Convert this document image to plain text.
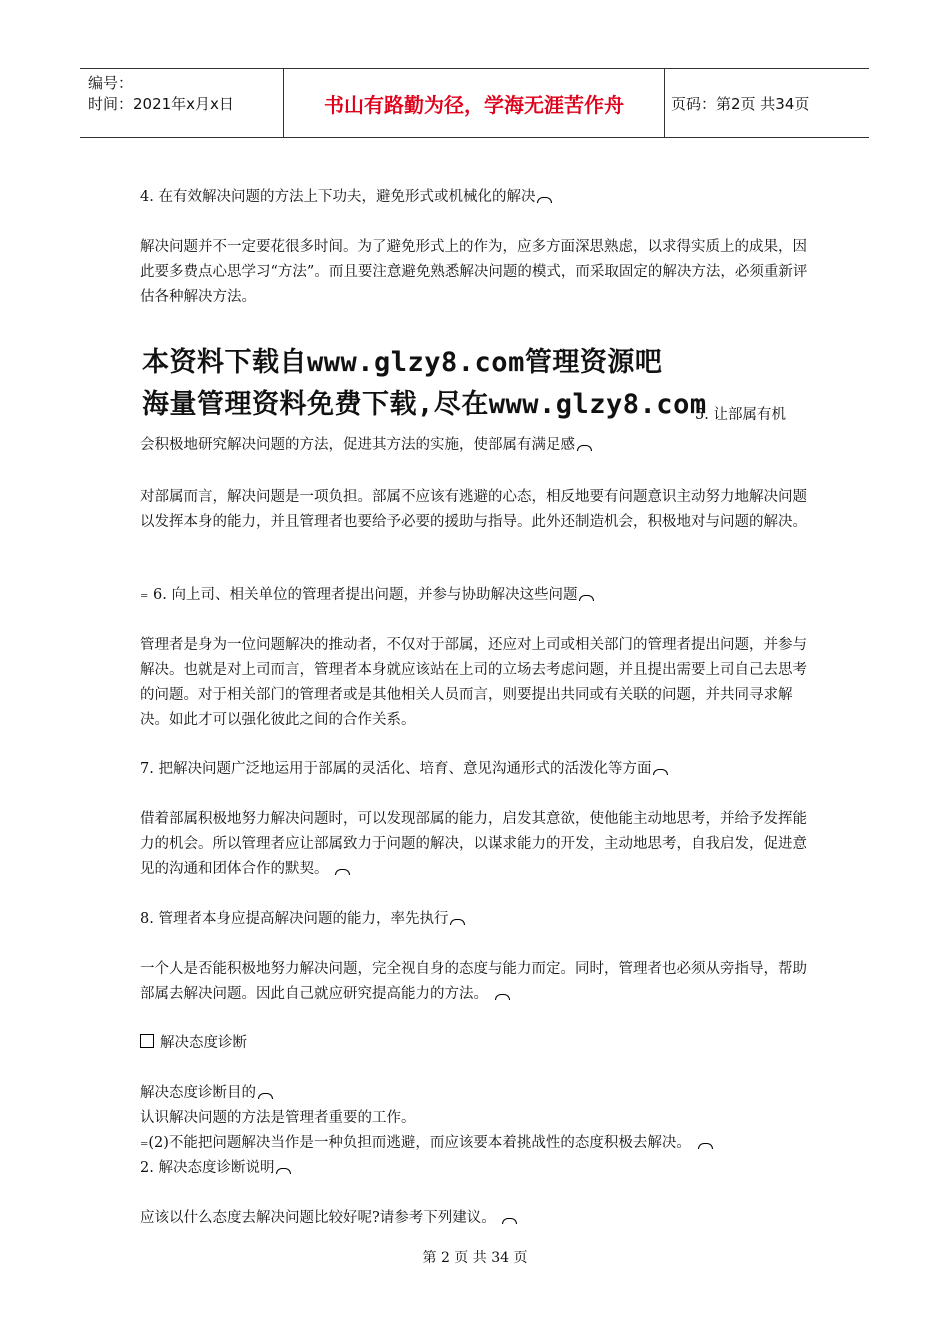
编号：
时间：2021年x月x日	书山有路勤为径，学海无涯苦作舟	页码：第2页 共34页

4. 在有效解决问题的方法上下功夫，避免形式或机械化的解决

解决问题并不一定要花很多时间。为了避免形式上的作为，应多方面深思熟虑，以求得实质上的成果，因此要多费点心思学习“方法”。而且要注意避免熟悉解决问题的模式，而采取固定的解决方法，必须重新评估各种解决方法。

本资料下载自www.glzy8.com管理资源吧
海量管理资料免费下载,尽在www.glzy8.com

5. 让部属有机

会积极地研究解决问题的方法，促进其方法的实施，使部属有满足感

对部属而言，解决问题是一项负担。部属不应该有逃避的心态，相反地要有问题意识主动努力地解决问题以发挥本身的能力，并且管理者也要给予必要的援助与指导。此外还制造机会，积极地对与问题的解决。

= 6. 向上司、相关单位的管理者提出问题，并参与协助解决这些问题

管理者是身为一位问题解决的推动者，不仅对于部属，还应对上司或相关部门的管理者提出问题，并参与解决。也就是对上司而言，管理者本身就应该站在上司的立场去考虑问题，并且提出需要上司自己去思考的问题。对于相关部门的管理者或是其他相关人员而言，则要提出共同或有关联的问题，并共同寻求解决。如此才可以强化彼此之间的合作关系。

7. 把解决问题广泛地运用于部属的灵活化、培育、意见沟通形式的活泼化等方面

借着部属积极地努力解决问题时，可以发现部属的能力，启发其意欲，使他能主动地思考，并给予发挥能力的机会。所以管理者应让部属致力于问题的解决，以谋求能力的开发，主动地思考，自我启发，促进意见的沟通和团体合作的默契。

8. 管理者本身应提高解决问题的能力，率先执行

一个人是否能积极地努力解决问题，完全视自身的态度与能力而定。同时，管理者也必须从旁指导，帮助部属去解决问题。因此自己就应研究提高能力的方法。

解决态度诊断

解决态度诊断目的

认识解决问题的方法是管理者重要的工作。

=(2)不能把问题解决当作是一种负担而逃避，而应该要本着挑战性的态度积极去解决。

2. 解决态度诊断说明

应该以什么态度去解决问题比较好呢?请参考下列建议。

第 2 页 共 34 页
